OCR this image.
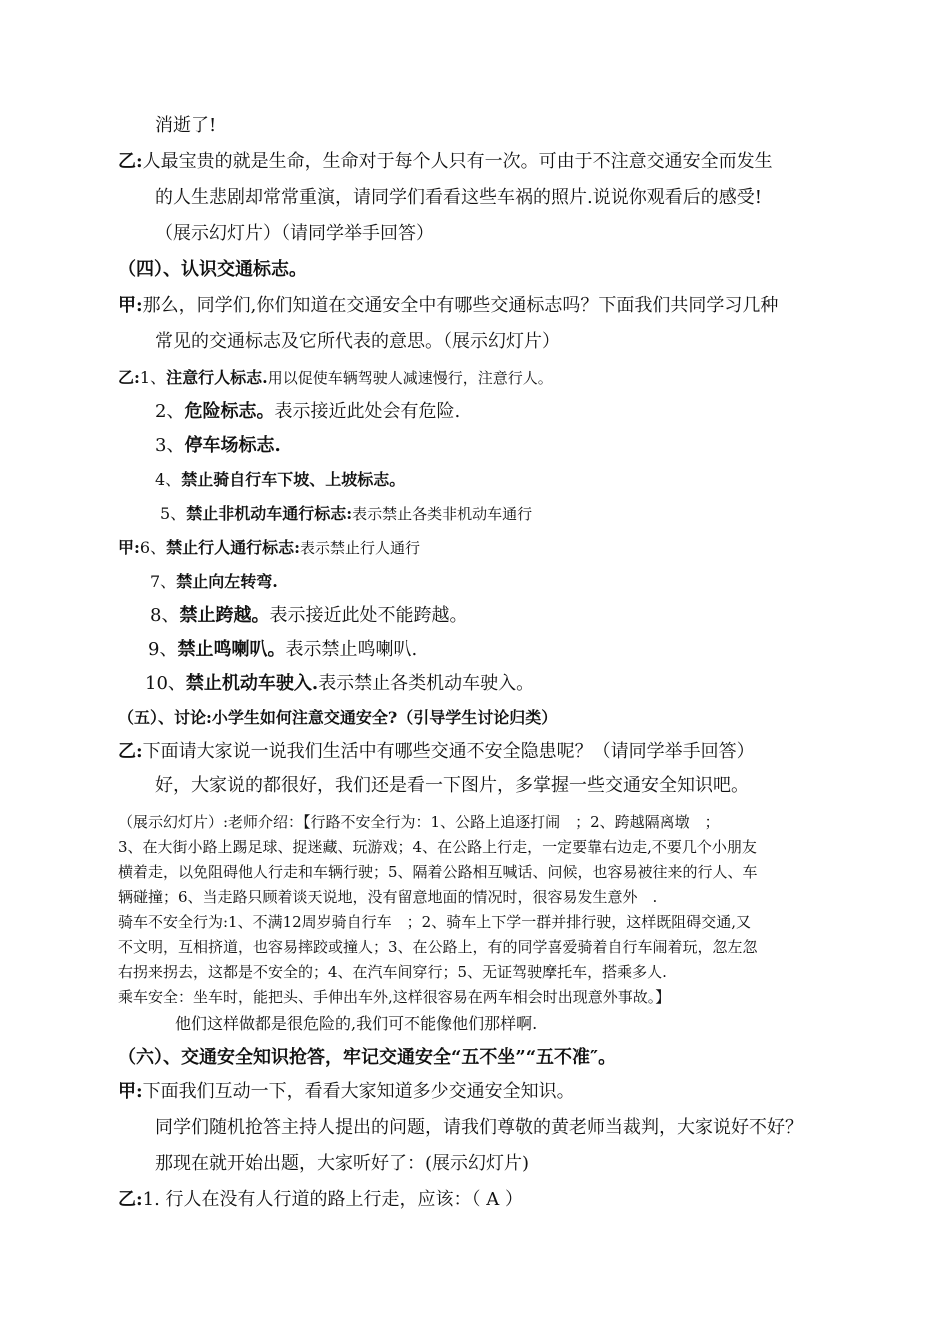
消逝了!
乙:人最宝贵的就是生命，生命对于每个人只有一次。可由于不注意交通安全而发生
的人生悲剧却常常重演，请同学们看看这些车祸的照片.说说你观看后的感受!
（展示幻灯片）（请同学举手回答）
（四）、认识交通标志。
甲:那么，同学们,你们知道在交通安全中有哪些交通标志吗？下面我们共同学习几种
常见的交通标志及它所代表的意思。（展示幻灯片）
乙:1、注意行人标志.用以促使车辆驾驶人减速慢行，注意行人。
2、危险标志。表示接近此处会有危险.
3、停车场标志.
4、禁止骑自行车下坡、上坡标志。
5、禁止非机动车通行标志:表示禁止各类非机动车通行
甲:6、禁止行人通行标志:表示禁止行人通行
7、禁止向左转弯.
8、禁止跨越。表示接近此处不能跨越。
9、禁止鸣喇叭。表示禁止鸣喇叭.
10、禁止机动车驶入.表示禁止各类机动车驶入。
（五）、讨论:小学生如何注意交通安全?（引导学生讨论归类）
乙:下面请大家说一说我们生活中有哪些交通不安全隐患呢？（请同学举手回答）
好，大家说的都很好，我们还是看一下图片，多掌握一些交通安全知识吧。
（展示幻灯片）:老师介绍：【行路不安全行为：1、公路上追逐打闹　；2、跨越隔离墩　；
3、在大街小路上踢足球、捉迷藏、玩游戏；4、在公路上行走，一定要靠右边走,不要几个小朋友
横着走，以免阻碍他人行走和车辆行驶；5、隔着公路相互喊话、问候，也容易被往来的行人、车
辆碰撞；6、当走路只顾着谈天说地，没有留意地面的情况时，很容易发生意外　.
骑车不安全行为:1、不满12周岁骑自行车　；2、骑车上下学一群并排行驶，这样既阻碍交通,又
不文明，互相挤道，也容易摔跤或撞人；3、在公路上，有的同学喜爱骑着自行车闹着玩，忽左忽
右拐来拐去，这都是不安全的；4、在汽车间穿行；5、无证驾驶摩托车，搭乘多人.
乘车安全：坐车时，能把头、手伸出车外,这样很容易在两车相会时出现意外事故。】
他们这样做都是很危险的,我们可不能像他们那样啊.
（六）、交通安全知识抢答，牢记交通安全“五不坐”“五不准″。
甲:下面我们互动一下，看看大家知道多少交通安全知识。
同学们随机抢答主持人提出的问题，请我们尊敬的黄老师当裁判，大家说好不好？
那现在就开始出题，大家听好了：(展示幻灯片)
乙:1. 行人在没有人行道的路上行走，应该：（ A ）
